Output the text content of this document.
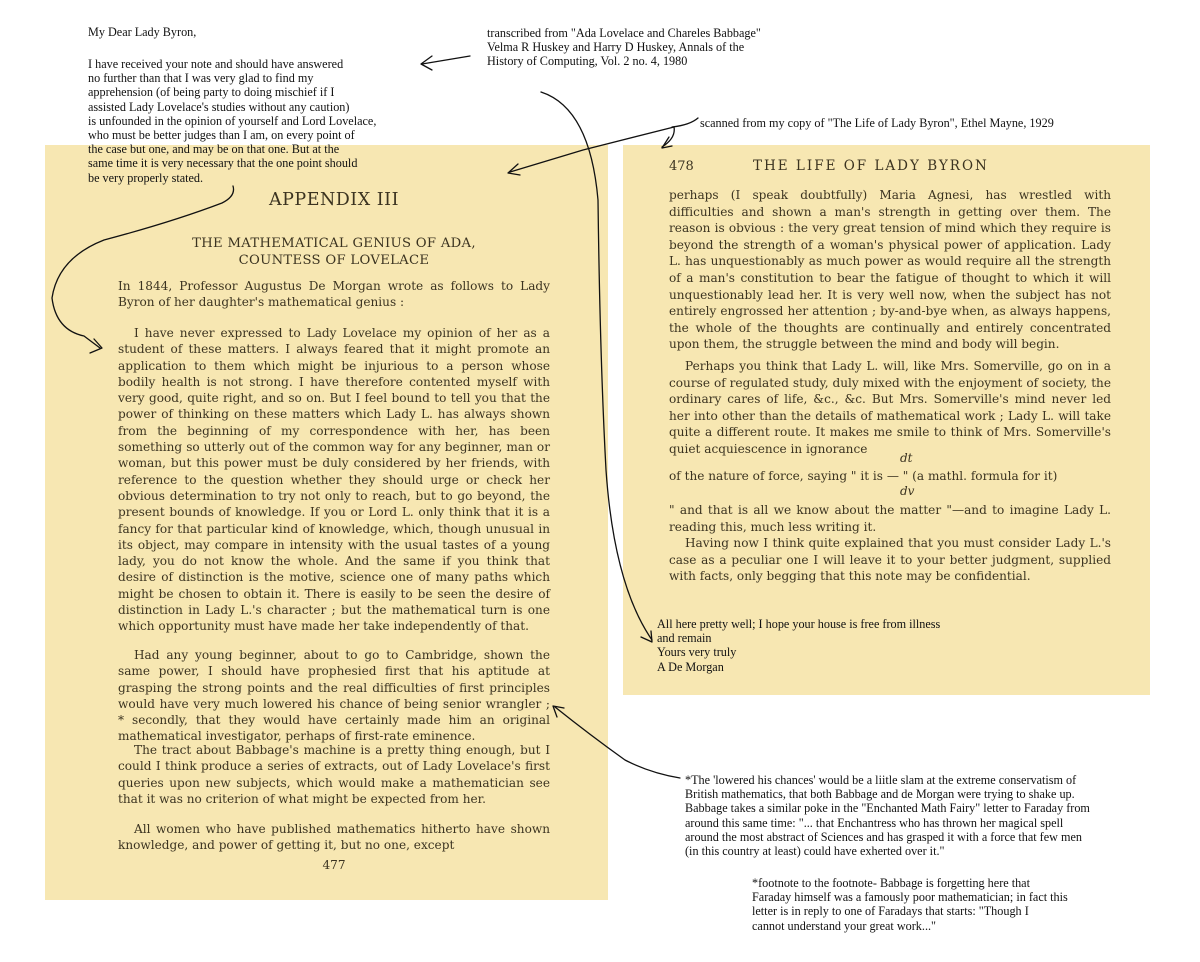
APPENDIX III
THE MATHEMATICAL GENIUS OF ADA,
COUNTESS OF LOVELACE

In 1844, Professor Augustus De Morgan wrote as follows to Lady Byron of her daughter's mathematical genius :

I have never expressed to Lady Lovelace my opinion of her as a student of these matters. I always feared that it might promote an application to them which might be injurious to a person whose bodily health is not strong. I have therefore contented myself with very good, quite right, and so on. But I feel bound to tell you that the power of thinking on these matters which Lady L. has always shown from the beginning of my correspondence with her, has been something so utterly out of the common way for any beginner, man or woman, but this power must be duly considered by her friends, with reference to the question whether they should urge or check her obvious determination to try not only to reach, but to go beyond, the present bounds of knowledge. If you or Lord L. only think that it is a fancy for that particular kind of knowledge, which, though unusual in its object, may compare in intensity with the usual tastes of a young lady, you do not know the whole. And the same if you think that desire of distinction is the motive, science one of many paths which might be chosen to obtain it. There is easily to be seen the desire of distinction in Lady L.'s character ; but the mathematical turn is one which opportunity must have made her take independently of that.

Had any young beginner, about to go to Cambridge, shown the same power, I should have prophesied first that his aptitude at grasping the strong points and the real difficulties of first principles would have very much lowered his chance of being senior wrangler ; * secondly, that they would have certainly made him an original mathematical investigator, perhaps of first-rate eminence.

The tract about Babbage's machine is a pretty thing enough, but I could I think produce a series of extracts, out of Lady Lovelace's first queries upon new subjects, which would make a mathematician see that it was no criterion of what might be expected from her.

All women who have published mathematics hitherto have shown knowledge, and power of getting it, but no one, except

477
478	THE LIFE OF LADY BYRON

perhaps (I speak doubtfully) Maria Agnesi, has wrestled with difficulties and shown a man's strength in getting over them. The reason is obvious : the very great tension of mind which they require is beyond the strength of a woman's physical power of application. Lady L. has unquestionably as much power as would require all the strength of a man's constitution to bear the fatigue of thought to which it will unquestionably lead her. It is very well now, when the subject has not entirely engrossed her attention ; by-and-bye when, as always happens, the whole of the thoughts are continually and entirely concentrated upon them, the struggle between the mind and body will begin.

Perhaps you think that Lady L. will, like Mrs. Somerville, go on in a course of regulated study, duly mixed with the enjoyment of society, the ordinary cares of life, &c., &c. But Mrs. Somerville's mind never led her into other than the details of mathematical work ; Lady L. will take quite a different route. It makes me smile to think of Mrs. Somerville's quiet acquiescence in ignorance

dt

of the nature of force, saying " it is — " (a mathl. formula for it)

dv

" and that is all we know about the matter "—and to imagine Lady L. reading this, much less writing it.

Having now I think quite explained that you must consider Lady L.'s case as a peculiar one I will leave it to your better judgment, supplied with facts, only begging that this note may be confidential.

All here pretty well; I hope your house is free from illness

and remain

Yours very truly

A De Morgan

My Dear Lady Byron,

I have received your note and should have answered

no further than that I was very glad to find my

apprehension (of being party to doing mischief if I

assisted Lady Lovelace's studies without any caution)

is unfounded in the opinion of yourself and Lord Lovelace,

who must be better judges than I am, on every point of

the case but one, and may be on that one. But at the

same time it is very necessary that the one point should

be very properly stated.

transcribed from "Ada Lovelace and Chareles Babbage"

Velma R Huskey and Harry D Huskey, Annals of the

History of Computing, Vol. 2 no. 4, 1980

scanned from my copy of "The Life of Lady Byron", Ethel Mayne, 1929

*The 'lowered his chances' would be a liitle slam at the extreme conservatism of

British mathematics, that both Babbage and de Morgan were trying to shake up.

Babbage takes a similar poke in the "Enchanted Math Fairy" letter to Faraday from

around this same time: "... that Enchantress who has thrown her magical spell

around the most abstract of Sciences and has grasped it with a force that few men

(in this country at least) could have exherted over it."

*footnote to the footnote- Babbage is forgetting here that

Faraday himself was a famously poor mathematician; in fact this

letter is in reply to one of Faradays that starts: "Though I

cannot understand your great work..."
